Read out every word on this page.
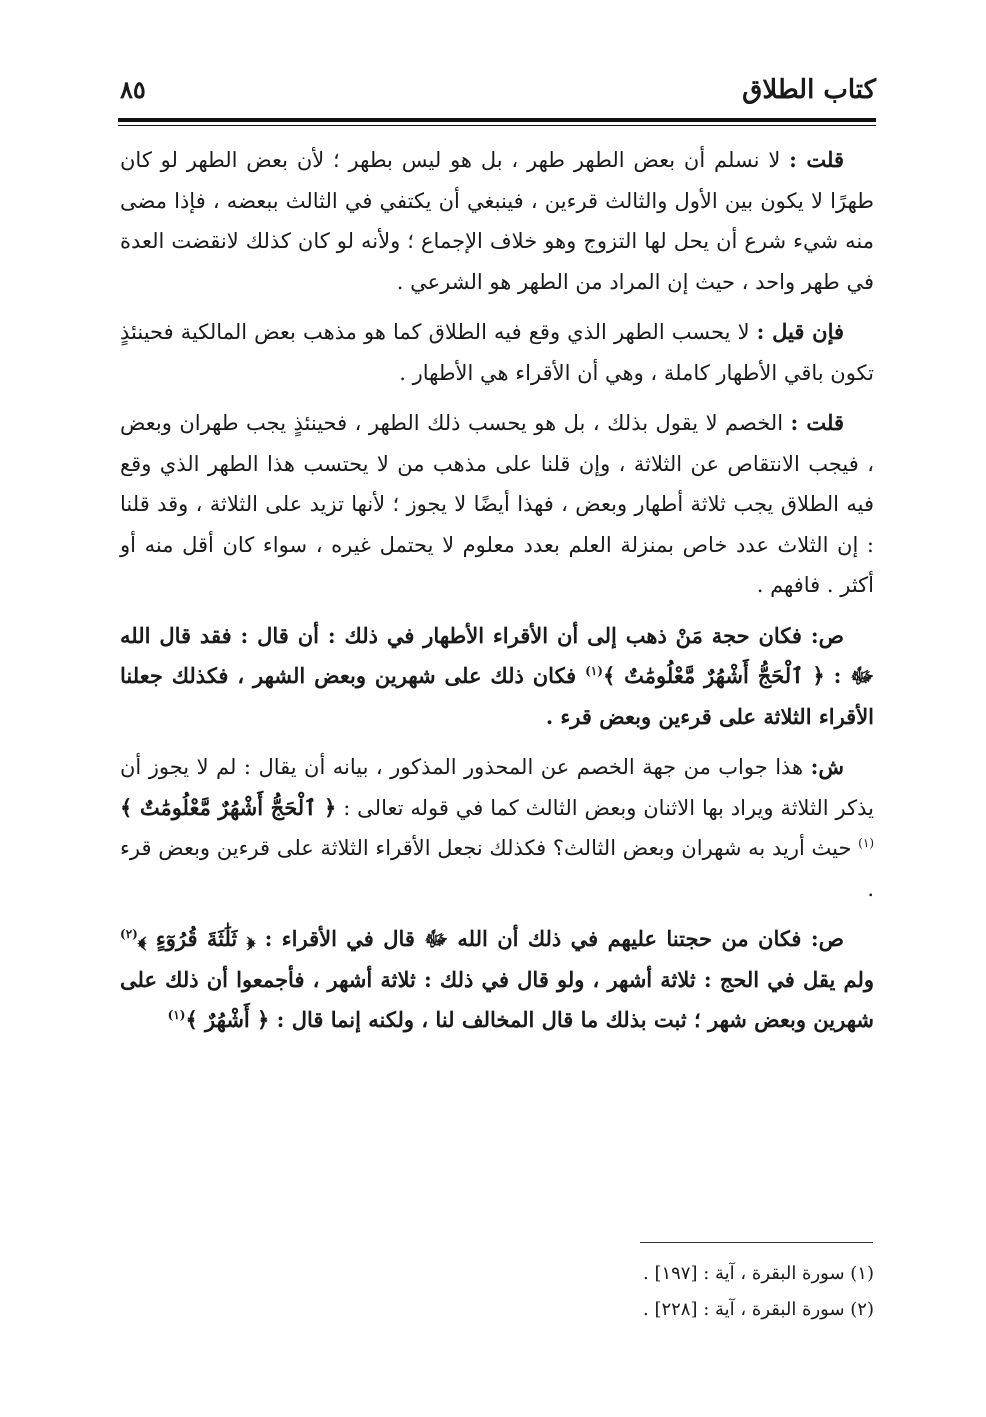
كتاب الطلاق
٨٥

قلت : لا نسلم أن بعض الطهر طهر ، بل هو ليس بطهر ؛ لأن بعض الطهر لو كان طهرًا لا يكون بين الأول والثالث قرءين ، فينبغي أن يكتفي في الثالث ببعضه ، فإذا مضى منه شيء شرع أن يحل لها التزوج وهو خلاف الإجماع ؛ ولأنه لو كان كذلك لانقضت العدة في طهر واحد ، حيث إن المراد من الطهر هو الشرعي .

فإن قيل : لا يحسب الطهر الذي وقع فيه الطلاق كما هو مذهب بعض المالكية فحينئذٍ تكون باقي الأطهار كاملة ، وهي أن الأقراء هي الأطهار .

قلت : الخصم لا يقول بذلك ، بل هو يحسب ذلك الطهر ، فحينئذٍ يجب طهران وبعض ، فيجب الانتقاص عن الثلاثة ، وإن قلنا على مذهب من لا يحتسب هذا الطهر الذي وقع فيه الطلاق يجب ثلاثة أطهار وبعض ، فهذا أيضًا لا يجوز ؛ لأنها تزيد على الثلاثة ، وقد قلنا : إن الثلاث عدد خاص بمنزلة العلم بعدد معلوم لا يحتمل غيره ، سواء كان أقل منه أو أكثر . فافهم .

ص: فكان حجة مَنْ ذهب إلى أن الأقراء الأطهار في ذلك : أن قال : فقد قال الله ﷻ : ﴿ ٱلْحَجُّ أَشْهُرٌ مَّعْلُومَٰتٌ ﴾$^{(١)}$ فكان ذلك على شهرين وبعض الشهر ، فكذلك جعلنا الأقراء الثلاثة على قرءين وبعض قرء .

ش: هذا جواب من جهة الخصم عن المحذور المذكور ، بيانه أن يقال : لم لا يجوز أن يذكر الثلاثة ويراد بها الاثنان وبعض الثالث كما في قوله تعالى : ﴿ ٱلْحَجُّ أَشْهُرٌ مَّعْلُومَٰتٌ ﴾$^{(١)}$ حيث أريد به شهران وبعض الثالث؟ فكذلك نجعل الأقراء الثلاثة على قرءين وبعض قرء .

ص: فكان من حجتنا عليهم في ذلك أن الله ﷻ قال في الأقراء : ﴿ ثَلَٰثَةَ قُرُوٓءٍ ﴾$^{(٢)}$ ولم يقل في الحج : ثلاثة أشهر ، ولو قال في ذلك : ثلاثة أشهر ، فأجمعوا أن ذلك على شهرين وبعض شهر ؛ ثبت بذلك ما قال المخالف لنا ، ولكنه إنما قال : ﴿ أَشْهُرٌ ﴾$^{(١)}$

(١) سورة البقرة ، آية : [١٩٧] .

(٢) سورة البقرة ، آية : [٢٢٨] .
